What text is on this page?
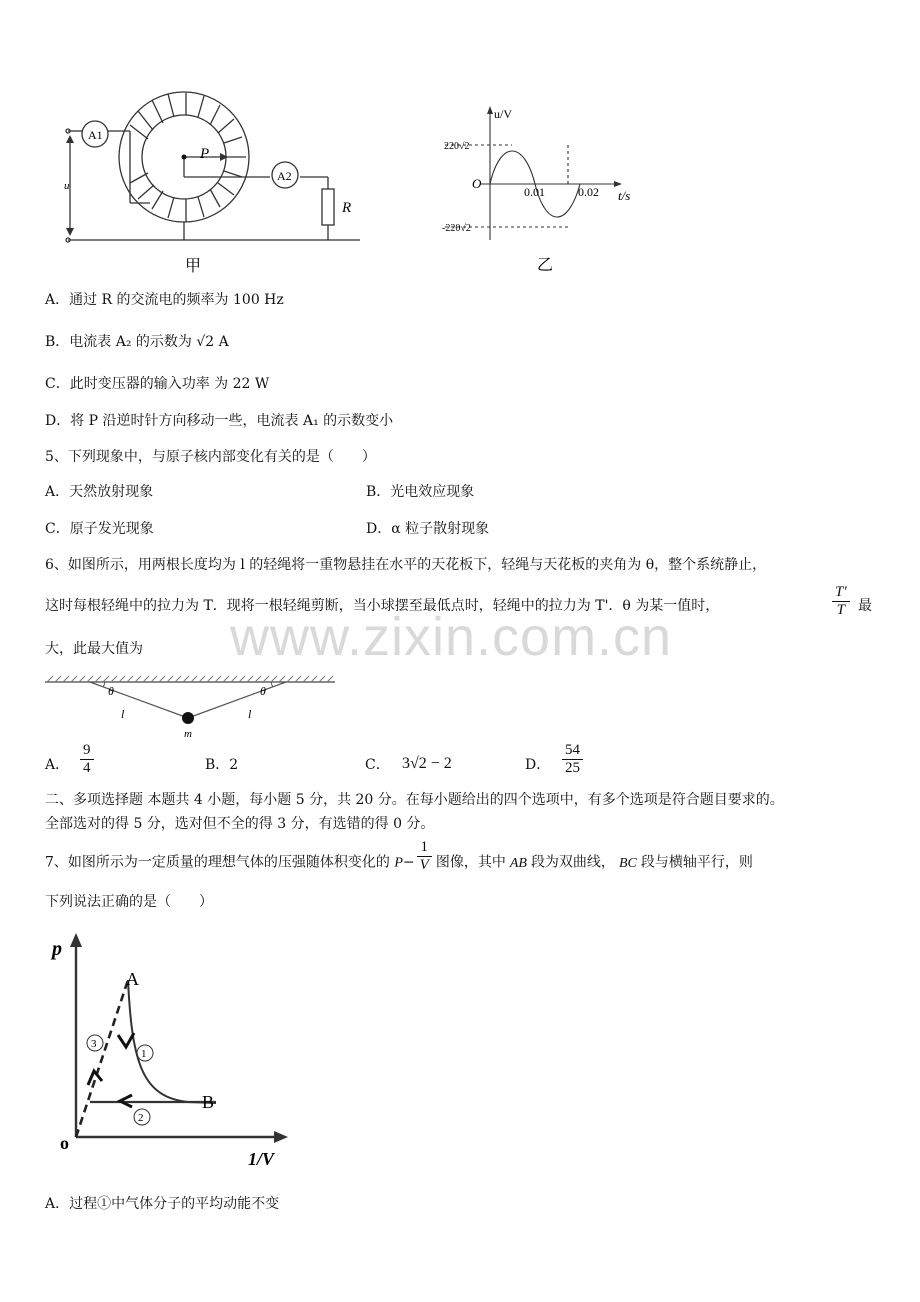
www.zixin.com.cn
A1
A2
P
R
u
甲
u/V
t/s
O
220√2
-220√2
0.01	0.02
乙
A．通过 R 的交流电的频率为 100 Hz
B．电流表 A₂ 的示数为 √2 A
C．此时变压器的输入功率 为 22 W
D．将 P 沿逆时针方向移动一些，电流表 A₁ 的示数变小
5、下列现象中，与原子核内部变化有关的是（　　）
A．天然放射现象	B．光电效应现象
C．原子发光现象	D．α 粒子散射现象
6、如图所示，用两根长度均为 l 的轻绳将一重物悬挂在水平的天花板下，轻绳与天花板的夹角为 θ，整个系统静止，
这时每根轻绳中的拉力为 T．现将一根轻绳剪断，当小球摆至最低点时，轻绳中的拉力为 T'．θ 为某一值时，	$\frac{T'}{T}$ 最
大，此最大值为
θ	θ
l	l
m
A． $\frac{9}{4}$	B．2	C． 3√2 − 2	D． $\frac{54}{25}$
二、多项选择题 本题共 4 小题，每小题 5 分，共 20 分。在每小题给出的四个选项中，有多个选项是符合题目要求的。
全部选对的得 5 分，选对但不全的得 3 分，有选错的得 0 分。
7、如图所示为一定质量的理想气体的压强随体积变化的 $P- \frac{1}{V}$ 图像，其中 AB 段为双曲线， BC 段与横轴平行，则
下列说法正确的是（　　）
1
2
3
p
1/V
o
A
B
A．过程①中气体分子的平均动能不变
